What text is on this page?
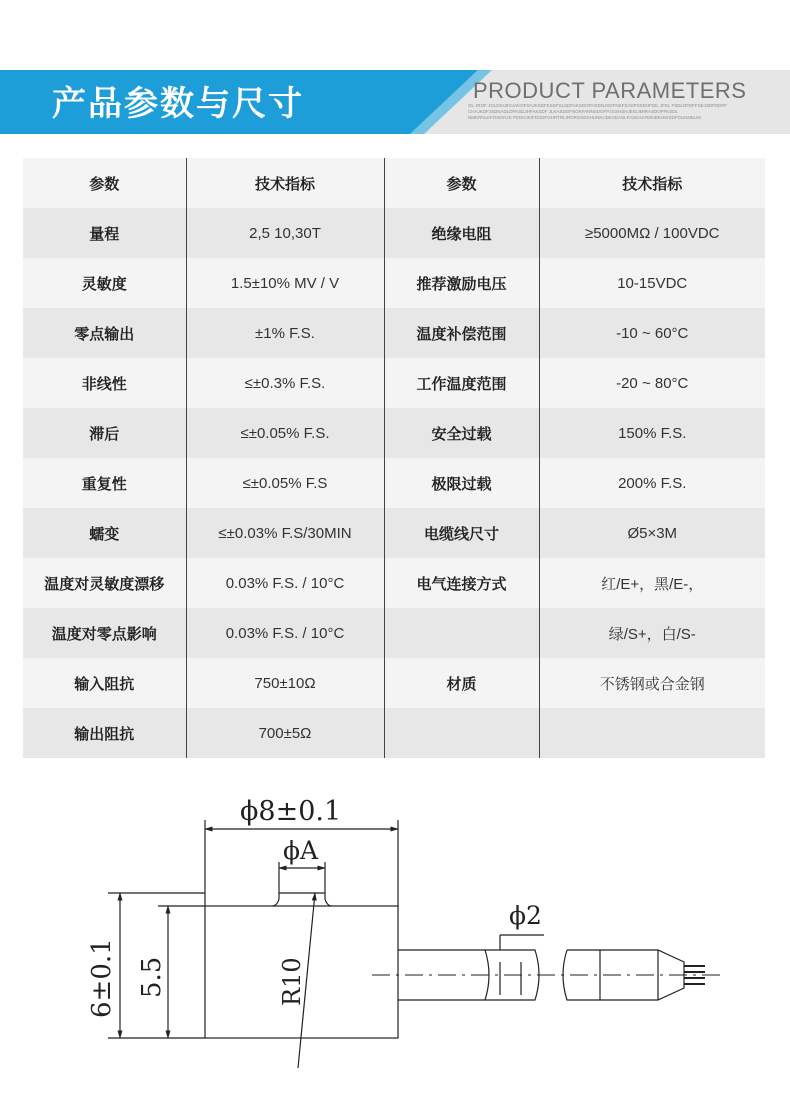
产品参数与尺寸	PRODUCT PARAMETERS
OL JROF JGLDSUIIGJAKOFSAJKSDFKSDFSLSDFAKSDOFHSDNJSDFNKFSADFNSDHFDIL JFKL FSDLDFDFFSEJSDFDDFF
CHAJKDFJSDNADLDFKSDJHFAKSDF JLKASDGFNOKFANNSDOFPJGSHSHJEIOJMIRASDOFFKSDL
NMKRNLKFOSDFUS FDGHJKIFDUDFGHRTRLIROROSDSHUNKUDKSDASLFASDAKFDEIDKHIKSDFGUNNELNI
参数	技术指标	参数	技术指标
量程	2,5 10,30T	绝缘电阻	≥5000MΩ / 100VDC
灵敏度	1.5±10% MV / V	推荐激励电压	10-15VDC
零点输出	±1% F.S.	温度补偿范围	-10 ~ 60°C
非线性	≤±0.3% F.S.	工作温度范围	-20 ~ 80°C
滞后	≤±0.05% F.S.	安全过载	150% F.S.
重复性	≤±0.05% F.S	极限过载	200% F.S.
蠕变	≤±0.03% F.S/30MIN	电缆线尺寸	Ø5×3M
温度对灵敏度漂移	0.03% F.S. / 10°C	电气连接方式	红/E+，黑/E-，
温度对零点影响	0.03% F.S. / 10°C		绿/S+，白/S-
输入阻抗	750±10Ω	材质	不锈钢或合金钢
输出阻抗	700±5Ω		
ϕ8±0.1
ϕA
ϕ2
6±0.1 5.5	R10
